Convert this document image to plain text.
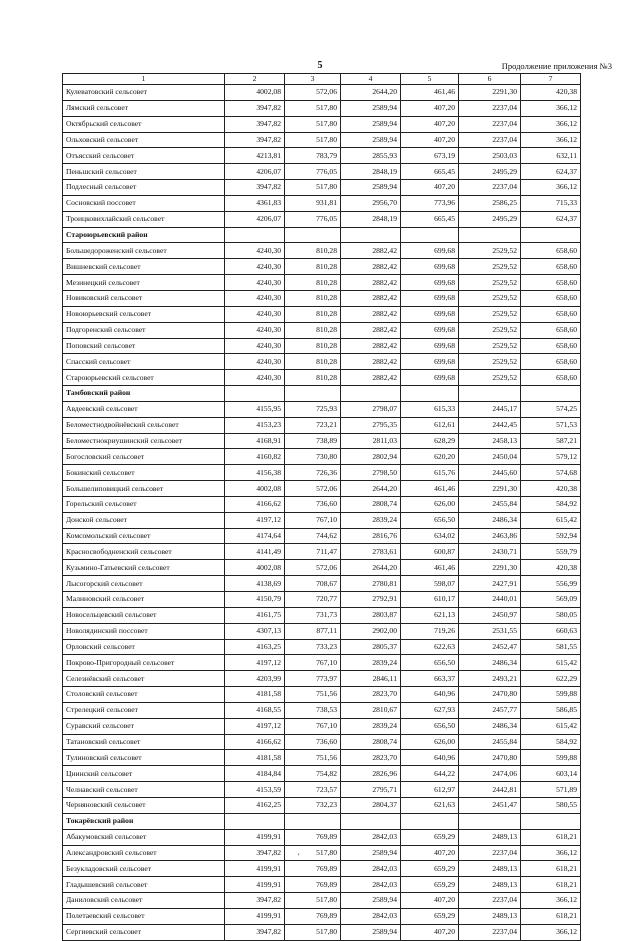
5	Продолжение приложения №3
1	2	3	4	5	6	7
Кулеватовский сельсовет	4002,08	572,06	2644,20	461,46	2291,30	420,38
Лямский сельсовет	3947,82	517,80	2589,94	407,20	2237,04	366,12
Октябрьский сельсовет	3947,82	517,80	2589,94	407,20	2237,04	366,12
Ольховский сельсовет	3947,82	517,80	2589,94	407,20	2237,04	366,12
Отъясский сельсовет	4213,81	783,79	2855,93	673,19	2503,03	632,11
Пеньшский сельсовет	4206,07	776,05	2848,19	665,45	2495,29	624,37
Подлесный сельсовет	3947,82	517,80	2589,94	407,20	2237,04	366,12
Сосновский поссовет	4361,83	931,81	2956,70	773,96	2586,25	715,33
Троицковихлайский сельсовет	4206,07	776,05	2848,19	665,45	2495,29	624,37
Староюрьевский район						
Большедороженский сельсовет	4240,30	810,28	2882,42	699,68	2529,52	658,60
Вишневский сельсовет	4240,30	810,28	2882,42	699,68	2529,52	658,60
Мезинецкий сельсовет	4240,30	810,28	2882,42	699,68	2529,52	658,60
Новиковский сельсовет	4240,30	810,28	2882,42	699,68	2529,52	658,60
Новоюрьевский сельсовет	4240,30	810,28	2882,42	699,68	2529,52	658,60
Подгоренский сельсовет	4240,30	810,28	2882,42	699,68	2529,52	658,60
Поповский сельсовет	4240,30	810,28	2882,42	699,68	2529,52	658,60
Спасский сельсовет	4240,30	810,28	2882,42	699,68	2529,52	658,60
Староюрьевский сельсовет	4240,30	810,28	2882,42	699,68	2529,52	658,60
Тамбовский район						
Авдеевский сельсовет	4155,95	725,93	2798,07	615,33	2445,17	574,25
Беломестнодвойнёвский сельсовет	4153,23	723,21	2795,35	612,61	2442,45	571,53
Беломестнокриушинский сельсовет	4168,91	738,89	2811,03	628,29	2458,13	587,21
Богословский сельсовет	4160,82	730,80	2802,94	620,20	2450,04	579,12
Бокинский сельсовет	4156,38	726,36	2798,50	615,76	2445,60	574,68
Большелиповицкий сельсовет	4002,08	572,06	2644,20	461,46	2291,30	420,38
Горельский сельсовет	4166,62	736,60	2808,74	626,00	2455,84	584,92
Донской сельсовет	4197,12	767,10	2839,24	656,50	2486,34	615,42
Комсомольский сельсовет	4174,64	744,62	2816,76	634,02	2463,86	592,94
Красносвободненский сельсовет	4141,49	711,47	2783,61	600,87	2430,71	559,79
Кузьмино-Гатьевский сельсовет	4002,08	572,06	2644,20	461,46	2291,30	420,38
Лысогорский сельсовет	4138,69	708,67	2780,81	598,07	2427,91	556,99
Малиновский сельсовет	4150,79	720,77	2792,91	610,17	2440,01	569,09
Новосельцевский сельсовет	4161,75	731,73	2803,87	621,13	2450,97	580,05
Новолядинский поссовет	4307,13	877,11	2902,00	719,26	2531,55	660,63
Орловский сельсовет	4163,25	733,23	2805,37	622,63	2452,47	581,55
Покрово-Пригородный сельсовет	4197,12	767,10	2839,24	656,50	2486,34	615,42
Селезнёвский сельсовет	4203,99	773,97	2846,11	663,37	2493,21	622,29
Столовский сельсовет	4181,58	751,56	2823,70	640,96	2470,80	599,88
Стрелецкий сельсовет	4168,55	738,53	2810,67	627,93	2457,77	586,85
Суравский сельсовет	4197,12	767,10	2839,24	656,50	2486,34	615,42
Татановский сельсовет	4166,62	736,60	2808,74	626,00	2455,84	584,92
Тулиновский сельсовет	4181,58	751,56	2823,70	640,96	2470,80	599,88
Цнинский сельсовет	4184,84	754,82	2826,96	644,22	2474,06	603,14
Челнавский сельсовет	4153,59	723,57	2795,71	612,97	2442,81	571,89
Черняновский сельсовет	4162,25	732,23	2804,37	621,63	2451,47	580,55
Токарёвский район						
Абакумовский сельсовет	4199,91	769,89	2842,03	659,29	2489,13	618,21
Александровский сельсовет	3947,82	517,80	2589,94	407,20	2237,04	366,12
Безукладовский сельсовет	4199,91	769,89	2842,03	659,29	2489,13	618,21
Гладышевский сельсовет	4199,91	769,89	2842,03	659,29	2489,13	618,21
Даниловский сельсовет	3947,82	517,80	2589,94	407,20	2237,04	366,12
Полетаевский сельсовет	4199,91	769,89	2842,03	659,29	2489,13	618,21
Сергиевский сельсовет	3947,82	517,80	2589,94	407,20	2237,04	366,12
'
